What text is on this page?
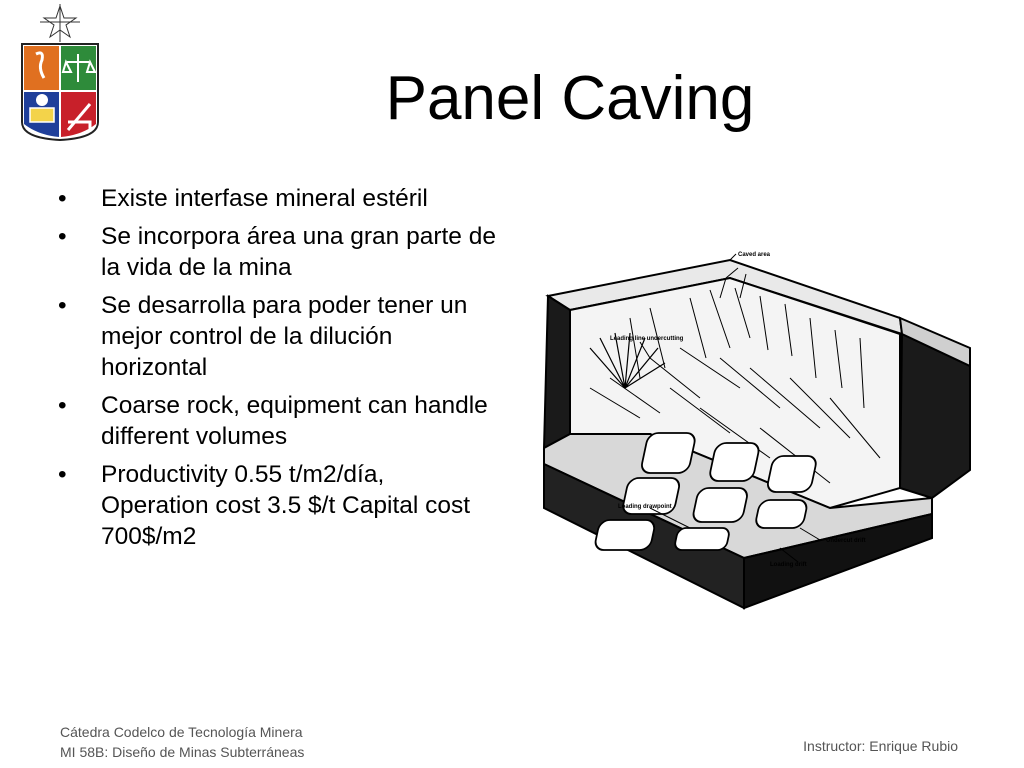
Panel Caving
• Existe interfase mineral estéril
• Se incorpora área una gran parte de la vida de la mina
• Se desarrolla para poder tener un mejor control de la dilución horizontal
• Coarse rock, equipment can handle different volumes
• Productivity 0.55 t/m2/día, Operation cost 3.5 $/t Capital cost 700$/m2
Caved area
Leading line undercutting
Loading drawpoint
Undercut drift
Loading drift
Cátedra Codelco de Tecnología Minera
MI 58B: Diseño de Minas Subterráneas	Instructor: Enrique Rubio
